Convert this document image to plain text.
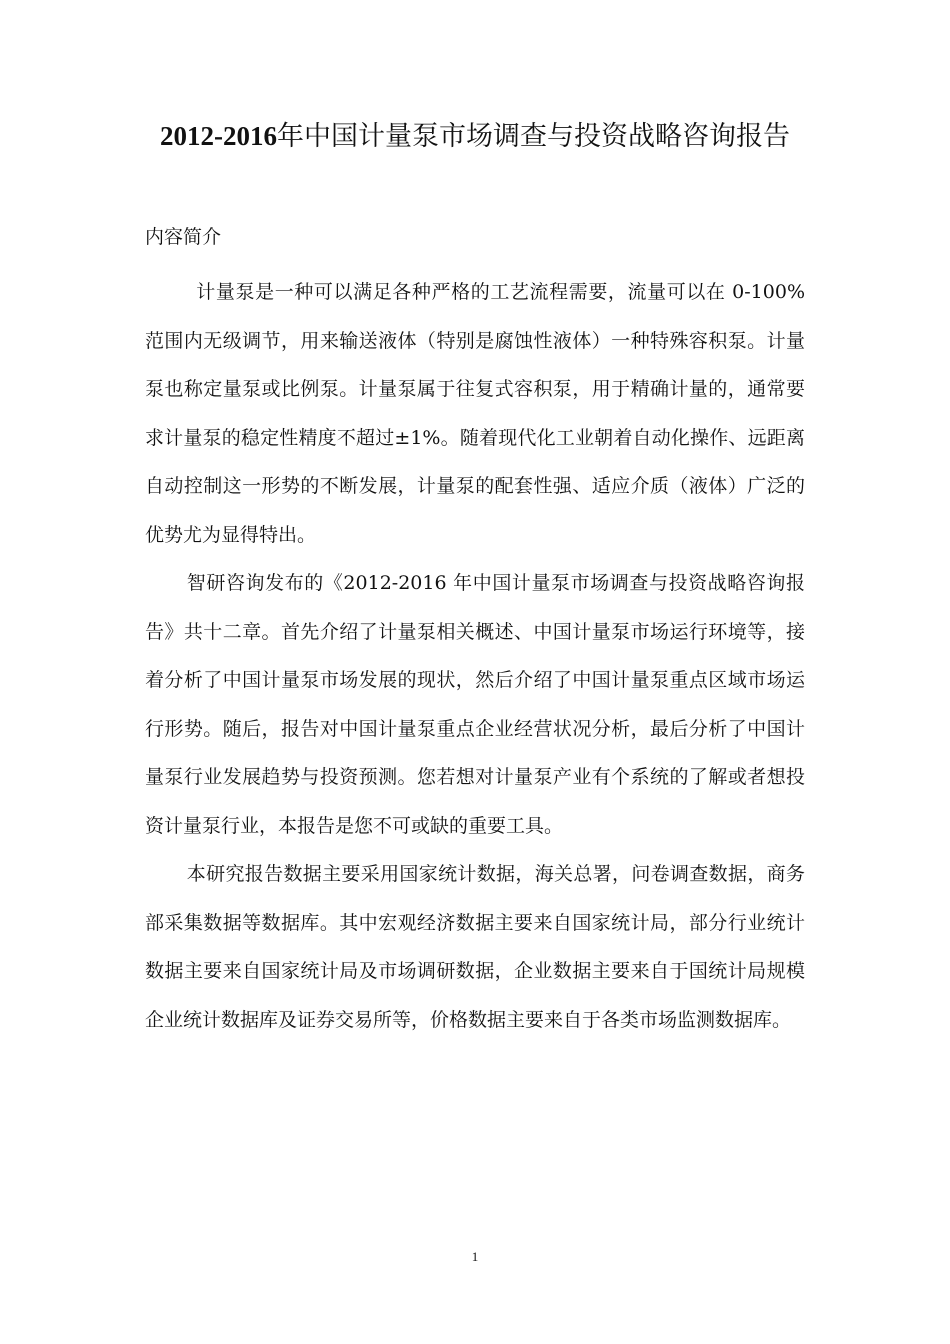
2012-2016年中国计量泵市场调查与投资战略咨询报告

内容简介

计量泵是一种可以满足各种严格的工艺流程需要，流量可以在 0-100%范围内无级调节，用来输送液体（特别是腐蚀性液体）一种特殊容积泵。计量泵也称定量泵或比例泵。计量泵属于往复式容积泵，用于精确计量的，通常要求计量泵的稳定性精度不超过±1%。随着现代化工业朝着自动化操作、远距离自动控制这一形势的不断发展，计量泵的配套性强、适应介质（液体）广泛的优势尤为显得特出。

智研咨询发布的《2012-2016 年中国计量泵市场调查与投资战略咨询报告》共十二章。首先介绍了计量泵相关概述、中国计量泵市场运行环境等，接着分析了中国计量泵市场发展的现状，然后介绍了中国计量泵重点区域市场运行形势。随后，报告对中国计量泵重点企业经营状况分析，最后分析了中国计量泵行业发展趋势与投资预测。您若想对计量泵产业有个系统的了解或者想投资计量泵行业，本报告是您不可或缺的重要工具。

本研究报告数据主要采用国家统计数据，海关总署，问卷调查数据，商务部采集数据等数据库。其中宏观经济数据主要来自国家统计局，部分行业统计数据主要来自国家统计局及市场调研数据，企业数据主要来自于国统计局规模企业统计数据库及证券交易所等，价格数据主要来自于各类市场监测数据库。

1
